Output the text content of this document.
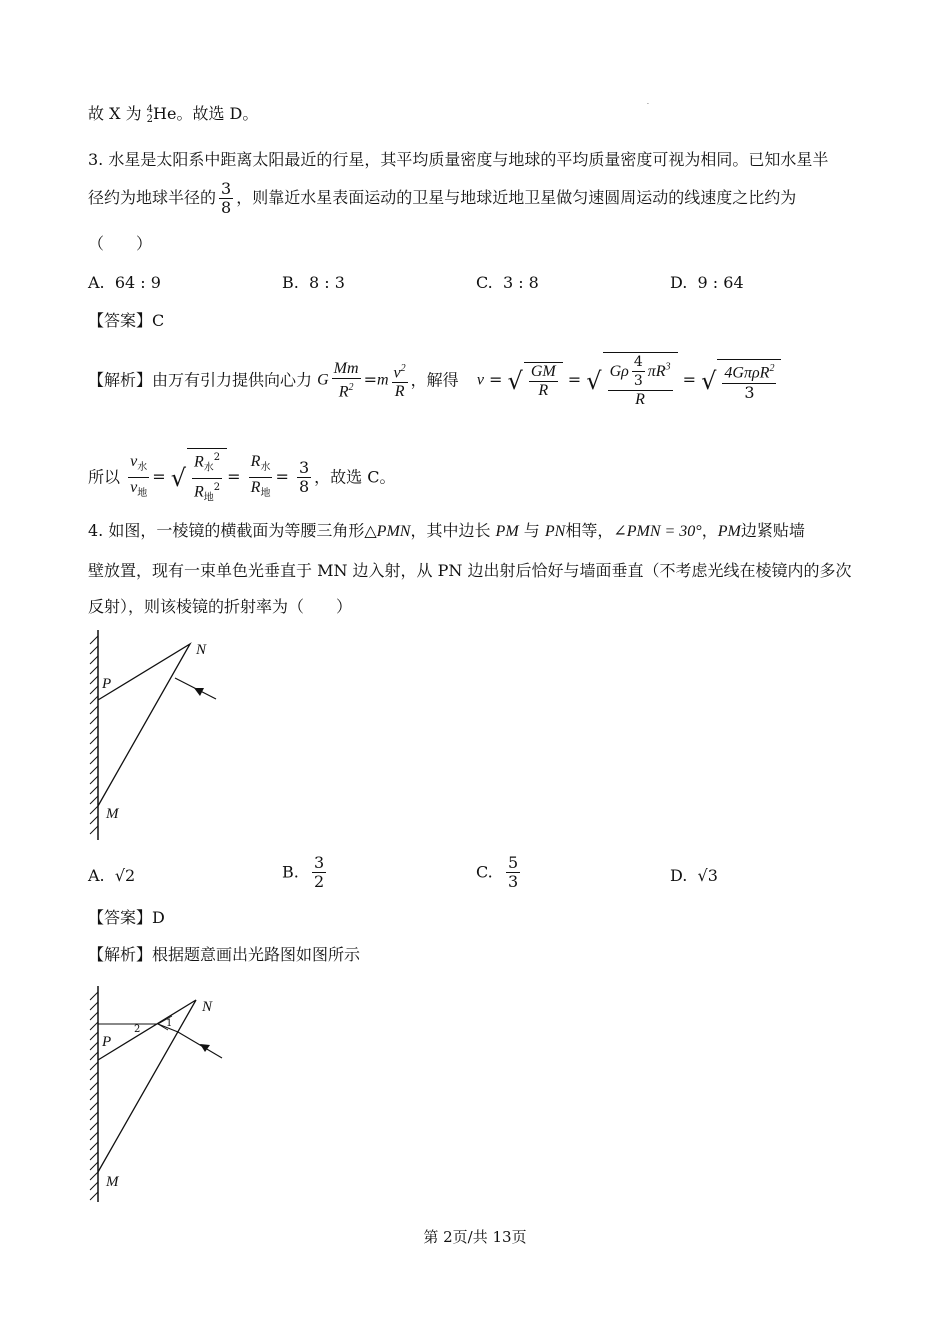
.
故 X 为 4
2 He。故选 D。
3. 水星是太阳系中距离太阳最近的行星，其平均质量密度与地球的平均质量密度可视为相同。已知水星半
径约为地球半径的 $\frac{3}{8}$ ，则靠近水星表面运动的卫星与地球近地卫星做匀速圆周运动的线速度之比约为
（　　）
A. 64 : 9	B. 8 : 3	C. 3 : 8	D. 9 : 64
【答案】C
【解析】由万有引力提供向心力 G $\frac{Mm}{R^2} =m \frac{v^2}{R}$ ，解得 v = √ $\frac{GM}{R}$ = √ $\frac{G\rho \frac{4}{3} \pi R^3}{R}$ = √ $\frac{4G\pi\rho R^2}{3}$
所以 $\frac{v_水}{v_地}$ = √ $\frac{R_水^2}{R_地^2} = \frac{R_水}{R_地} = \frac{3}{8}$ ，故选 C。
4. 如图，一棱镜的横截面为等腰三角形△PMN，其中边长 PM 与 PN相等，∠PMN = 30°，PM边紧贴墙
壁放置，现有一束单色光垂直于 MN 边入射，从 PN 边出射后恰好与墙面垂直（不考虑光线在棱镜内的多次
反射），则该棱镜的折射率为（　　）
P
N
M
A. √2	B. $\frac{3}{2}$	C. $\frac{5}{3}$	D. √3
【答案】D
【解析】根据题意画出光路图如图所示
2
1
P
N
M
第 2页/共 13页
